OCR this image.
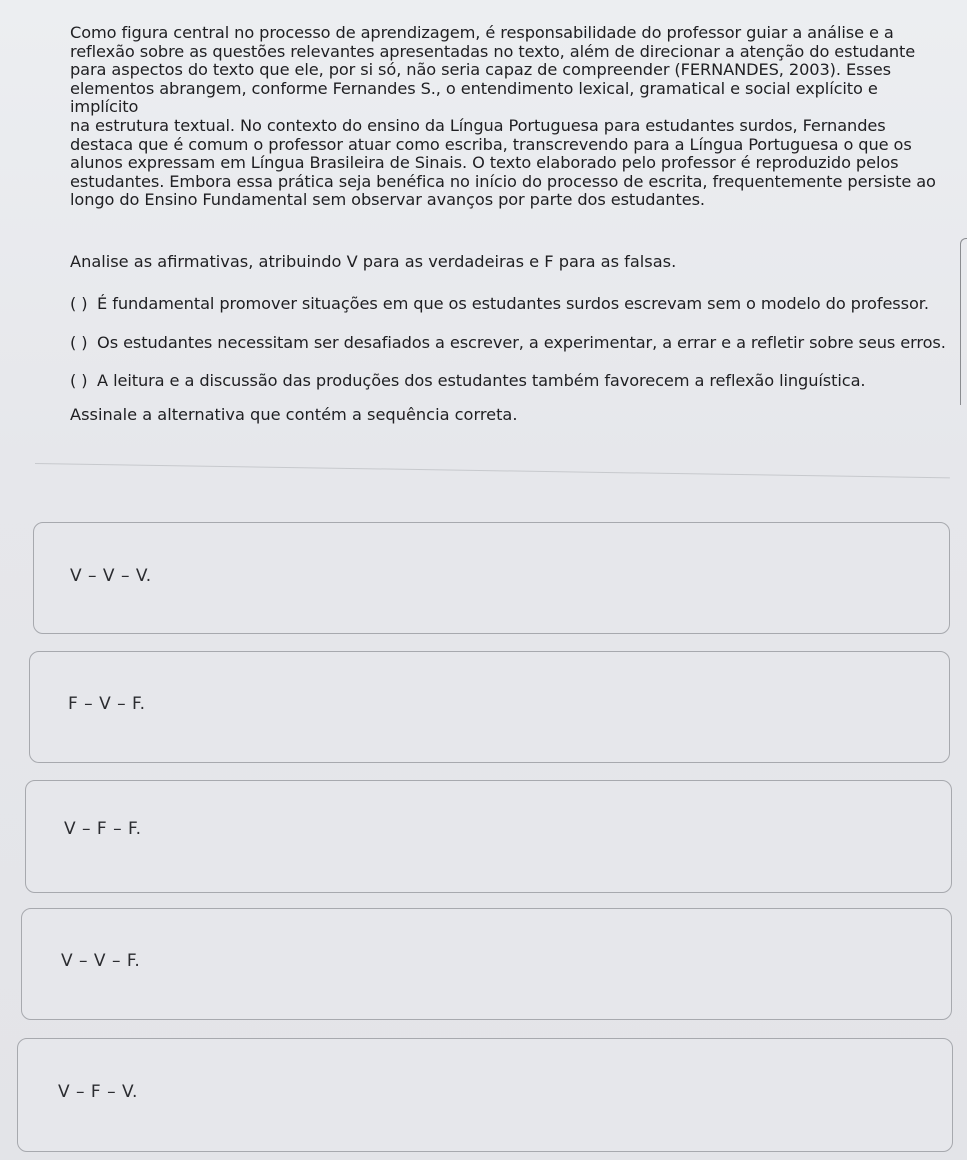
Como figura central no processo de aprendizagem, é responsabilidade do professor guiar a análise e a
reflexão sobre as questões relevantes apresentadas no texto, além de direcionar a atenção do estudante
para aspectos do texto que ele, por si só, não seria capaz de compreender (FERNANDES, 2003). Esses
elementos abrangem, conforme Fernandes S., o entendimento lexical, gramatical e social explícito e implícito
na estrutura textual. No contexto do ensino da Língua Portuguesa para estudantes surdos, Fernandes
destaca que é comum o professor atuar como escriba, transcrevendo para a Língua Portuguesa o que os
alunos expressam em Língua Brasileira de Sinais. O texto elaborado pelo professor é reproduzido pelos
estudantes. Embora essa prática seja benéfica no início do processo de escrita, frequentemente persiste ao
longo do Ensino Fundamental sem observar avanços por parte dos estudantes.

Analise as afirmativas, atribuindo V para as verdadeiras e F para as falsas.

( ) É fundamental promover situações em que os estudantes surdos escrevam sem o modelo do professor.
( ) Os estudantes necessitam ser desafiados a escrever, a experimentar, a errar e a refletir sobre seus erros.
( ) A leitura e a discussão das produções dos estudantes também favorecem a reflexão linguística.

Assinale a alternativa que contém a sequência correta.

V – V – V.
F – V – F.
V – F – F.
V – V – F.
V – F – V.
